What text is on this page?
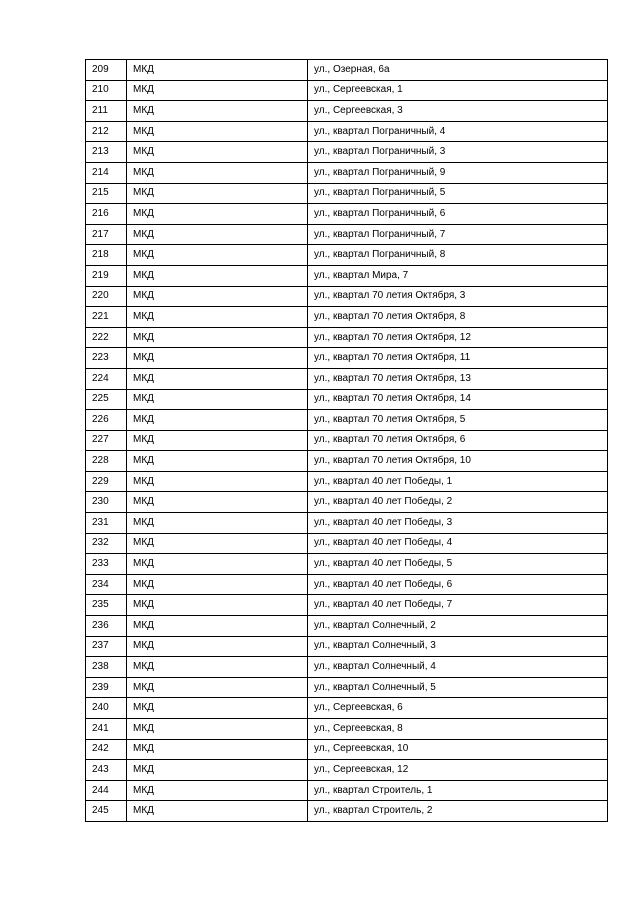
209	МКД	ул., Озерная, 6а
210	МКД	ул., Сергеевская, 1
211	МКД	ул., Сергеевская, 3
212	МКД	ул., квартал Пограничный, 4
213	МКД	ул., квартал Пограничный, 3
214	МКД	ул., квартал Пограничный, 9
215	МКД	ул., квартал Пограничный, 5
216	МКД	ул., квартал Пограничный, 6
217	МКД	ул., квартал Пограничный, 7
218	МКД	ул., квартал Пограничный, 8
219	МКД	ул., квартал Мира, 7
220	МКД	ул., квартал 70 летия Октября, 3
221	МКД	ул., квартал 70 летия Октября, 8
222	МКД	ул., квартал 70 летия Октября, 12
223	МКД	ул., квартал 70 летия Октября, 11
224	МКД	ул., квартал 70 летия Октября, 13
225	МКД	ул., квартал 70 летия Октября, 14
226	МКД	ул., квартал 70 летия Октября, 5
227	МКД	ул., квартал 70 летия Октября, 6
228	МКД	ул., квартал 70 летия Октября, 10
229	МКД	ул., квартал 40 лет Победы, 1
230	МКД	ул., квартал 40 лет Победы, 2
231	МКД	ул., квартал 40 лет Победы, 3
232	МКД	ул., квартал 40 лет Победы, 4
233	МКД	ул., квартал 40 лет Победы, 5
234	МКД	ул., квартал 40 лет Победы, 6
235	МКД	ул., квартал 40 лет Победы, 7
236	МКД	ул., квартал Солнечный, 2
237	МКД	ул., квартал Солнечный, 3
238	МКД	ул., квартал Солнечный, 4
239	МКД	ул., квартал Солнечный, 5
240	МКД	ул., Сергеевская, 6
241	МКД	ул., Сергеевская, 8
242	МКД	ул., Сергеевская, 10
243	МКД	ул., Сергеевская, 12
244	МКД	ул., квартал Строитель, 1
245	МКД	ул., квартал Строитель, 2
